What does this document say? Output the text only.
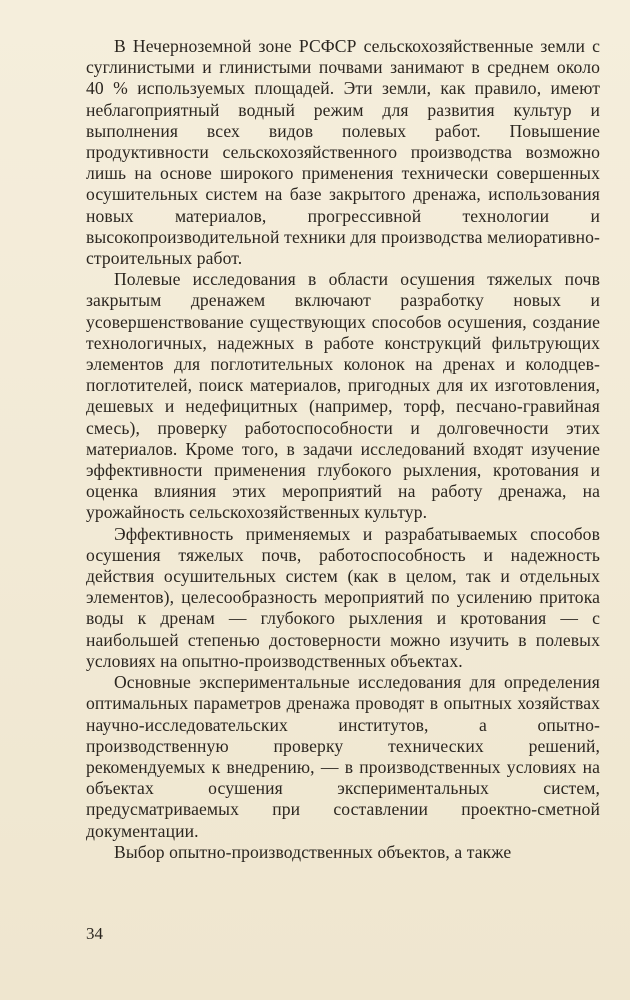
В Нечерноземной зоне РСФСР сельскохозяйственные земли с суглинистыми и глинистыми почвами занимают в среднем около 40 % используемых площадей. Эти земли, как правило, имеют неблагоприятный водный режим для развития культур и выполнения всех видов полевых работ. Повышение продуктивности сельскохозяйственного производства возможно лишь на основе широкого применения технически совершенных осушительных систем на базе закрытого дренажа, использования новых материалов, прогрессивной технологии и высокопроизводительной техники для производства мелиоративно-строительных работ.

Полевые исследования в области осушения тяжелых почв закрытым дренажем включают разработку новых и усовершенствование существующих способов осушения, создание технологичных, надежных в работе конструкций фильтрующих элементов для поглотительных колонок на дренах и колодцев-поглотителей, поиск материалов, пригодных для их изготовления, дешевых и недефицитных (например, торф, песчано-гравийная смесь), проверку работоспособности и долговечности этих материалов. Кроме того, в задачи исследований входят изучение эффективности применения глубокого рыхления, кротования и оценка влияния этих мероприятий на работу дренажа, на урожайность сельскохозяйственных культур.

Эффективность применяемых и разрабатываемых способов осушения тяжелых почв, работоспособность и надежность действия осушительных систем (как в целом, так и отдельных элементов), целесообразность мероприятий по усилению притока воды к дренам — глубокого рыхления и кротования — с наибольшей степенью достоверности можно изучить в полевых условиях на опытно-производственных объектах.

Основные экспериментальные исследования для определения оптимальных параметров дренажа проводят в опытных хозяйствах научно-исследовательских институтов, а опытно-производственную проверку технических решений, рекомендуемых к внедрению, — в производственных условиях на объектах осушения экспериментальных систем, предусматриваемых при составлении проектно-сметной документации.

Выбор опытно-производственных объектов, а также

34
